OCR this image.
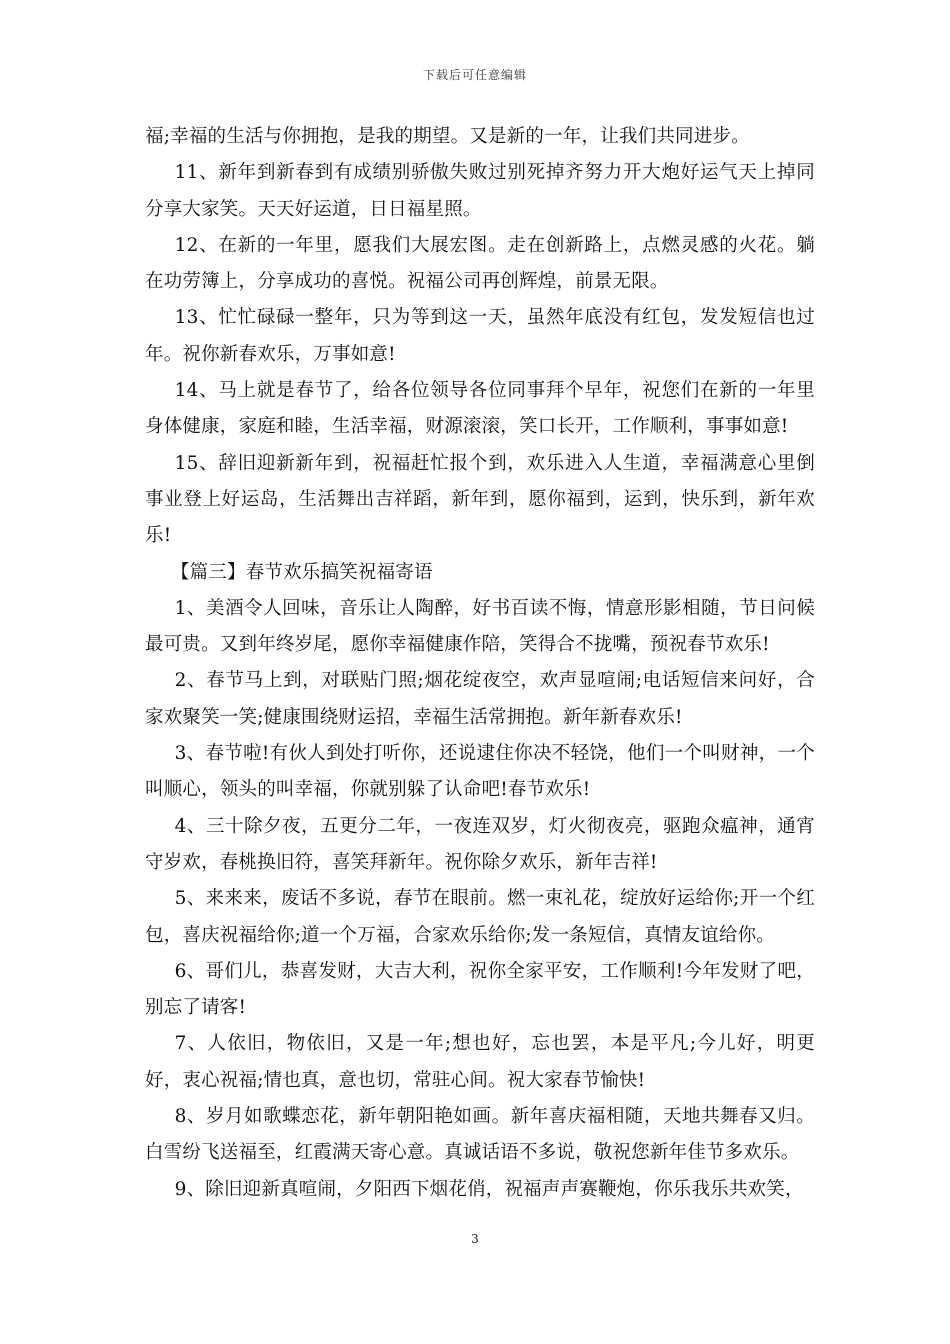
下载后可任意编辑

福;幸福的生活与你拥抱，是我的期望。又是新的一年，让我们共同进步。

11、新年到新春到有成绩别骄傲失败过别死掉齐努力开大炮好运气天上掉同分享大家笑。天天好运道，日日福星照。

12、在新的一年里，愿我们大展宏图。走在创新路上，点燃灵感的火花。躺在功劳簿上，分享成功的喜悦。祝福公司再创辉煌，前景无限。

13、忙忙碌碌一整年，只为等到这一天，虽然年底没有红包，发发短信也过年。祝你新春欢乐，万事如意!

14、马上就是春节了，给各位领导各位同事拜个早年，祝您们在新的一年里身体健康，家庭和睦，生活幸福，财源滚滚，笑口长开，工作顺利，事事如意!

15、辞旧迎新新年到，祝福赶忙报个到，欢乐进入人生道，幸福满意心里倒事业登上好运岛，生活舞出吉祥蹈，新年到，愿你福到，运到，快乐到，新年欢乐!

【篇三】春节欢乐搞笑祝福寄语

1、美酒令人回味，音乐让人陶醉，好书百读不悔，情意形影相随，节日问候最可贵。又到年终岁尾，愿你幸福健康作陪，笑得合不拢嘴，预祝春节欢乐!

2、春节马上到，对联贴门照;烟花绽夜空，欢声显喧闹;电话短信来问好，合家欢聚笑一笑;健康围绕财运招，幸福生活常拥抱。新年新春欢乐!

3、春节啦!有伙人到处打听你，还说逮住你决不轻饶，他们一个叫财神，一个叫顺心，领头的叫幸福，你就别躲了认命吧!春节欢乐!

4、三十除夕夜，五更分二年，一夜连双岁，灯火彻夜亮，驱跑众瘟神，通宵守岁欢，春桃换旧符，喜笑拜新年。祝你除夕欢乐，新年吉祥!

5、来来来，废话不多说，春节在眼前。燃一束礼花，绽放好运给你;开一个红包，喜庆祝福给你;道一个万福，合家欢乐给你;发一条短信，真情友谊给你。

6、哥们儿，恭喜发财，大吉大利，祝你全家平安，工作顺利!今年发财了吧，别忘了请客!

7、人依旧，物依旧，又是一年;想也好，忘也罢，本是平凡;今儿好，明更好，衷心祝福;情也真，意也切，常驻心间。祝大家春节愉快!

8、岁月如歌蝶恋花，新年朝阳艳如画。新年喜庆福相随，天地共舞春又归。白雪纷飞送福至，红霞满天寄心意。真诚话语不多说，敬祝您新年佳节多欢乐。

9、除旧迎新真喧闹，夕阳西下烟花俏，祝福声声赛鞭炮，你乐我乐共欢笑，

3
